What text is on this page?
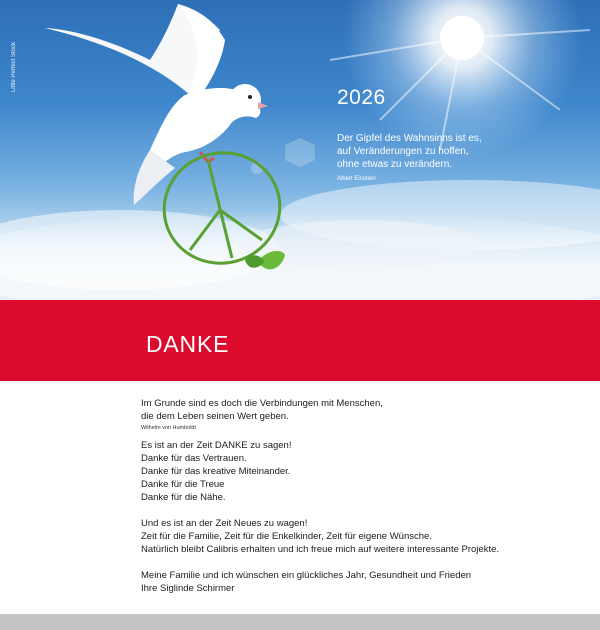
Little Perfect Stock
2026
Der Gipfel des Wahnsinns ist es,
auf Veränderungen zu hoffen,
ohne etwas zu verändern.
Albert Einstein
DANKE
Im Grunde sind es doch die Verbindungen mit Menschen,
die dem Leben seinen Wert geben.
Wilhelm von Humboldt
Es ist an der Zeit DANKE zu sagen!
Danke für das Vertrauen.
Danke für das kreative Miteinander.
Danke für die Treue
Danke für die Nähe.
Und es ist an der Zeit Neues zu wagen!
Zeit für die Familie, Zeit für die Enkelkinder, Zeit für eigene Wünsche.
Natürlich bleibt Calibris erhalten und ich freue mich auf weitere interessante Projekte.
Meine Familie und ich wünschen ein glückliches Jahr, Gesundheit und Frieden
Ihre Siglinde Schirmer
